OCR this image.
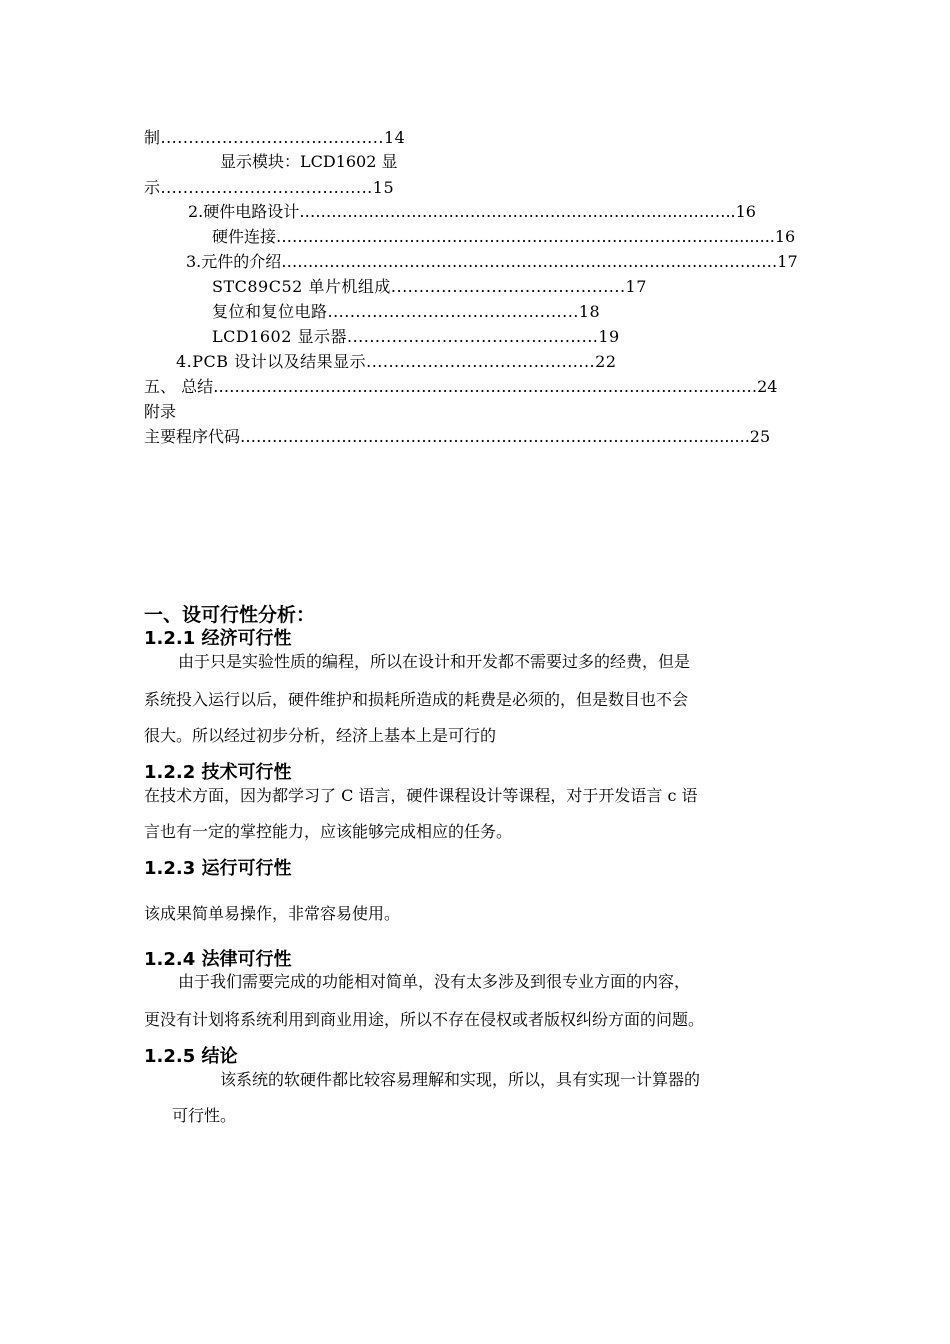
制........................................14
显示模块：LCD1602 显
示......................................15
2.硬件电路设计……………………………………………………………..………..16
硬件连接…………………………………………………………………………..........16
3.元件的介绍…………………………………………………………………………………17
STC89C52 单片机组成..........................................17
复位和复位电路.............................................18
LCD1602 显示器.............................................19
4.PCB 设计以及结果显示.........................................22
五、 总结…………………………………………………………………………………………24
附录
主要程序代码…………………………………………………………………………….........25
一、设可行性分析：
1.2.1 经济可行性
由于只是实验性质的编程，所以在设计和开发都不需要过多的经费，但是
系统投入运行以后，硬件维护和损耗所造成的耗费是必须的，但是数目也不会
很大。所以经过初步分析，经济上基本上是可行的
1.2.2 技术可行性
在技术方面，因为都学习了 C 语言，硬件课程设计等课程，对于开发语言 c 语
言也有一定的掌控能力，应该能够完成相应的任务。
1.2.3 运行可行性
该成果简单易操作，非常容易使用。
1.2.4 法律可行性
由于我们需要完成的功能相对简单，没有太多涉及到很专业方面的内容，
更没有计划将系统利用到商业用途，所以不存在侵权或者版权纠纷方面的问题。
1.2.5 结论
该系统的软硬件都比较容易理解和实现，所以，具有实现一计算器的
可行性。
